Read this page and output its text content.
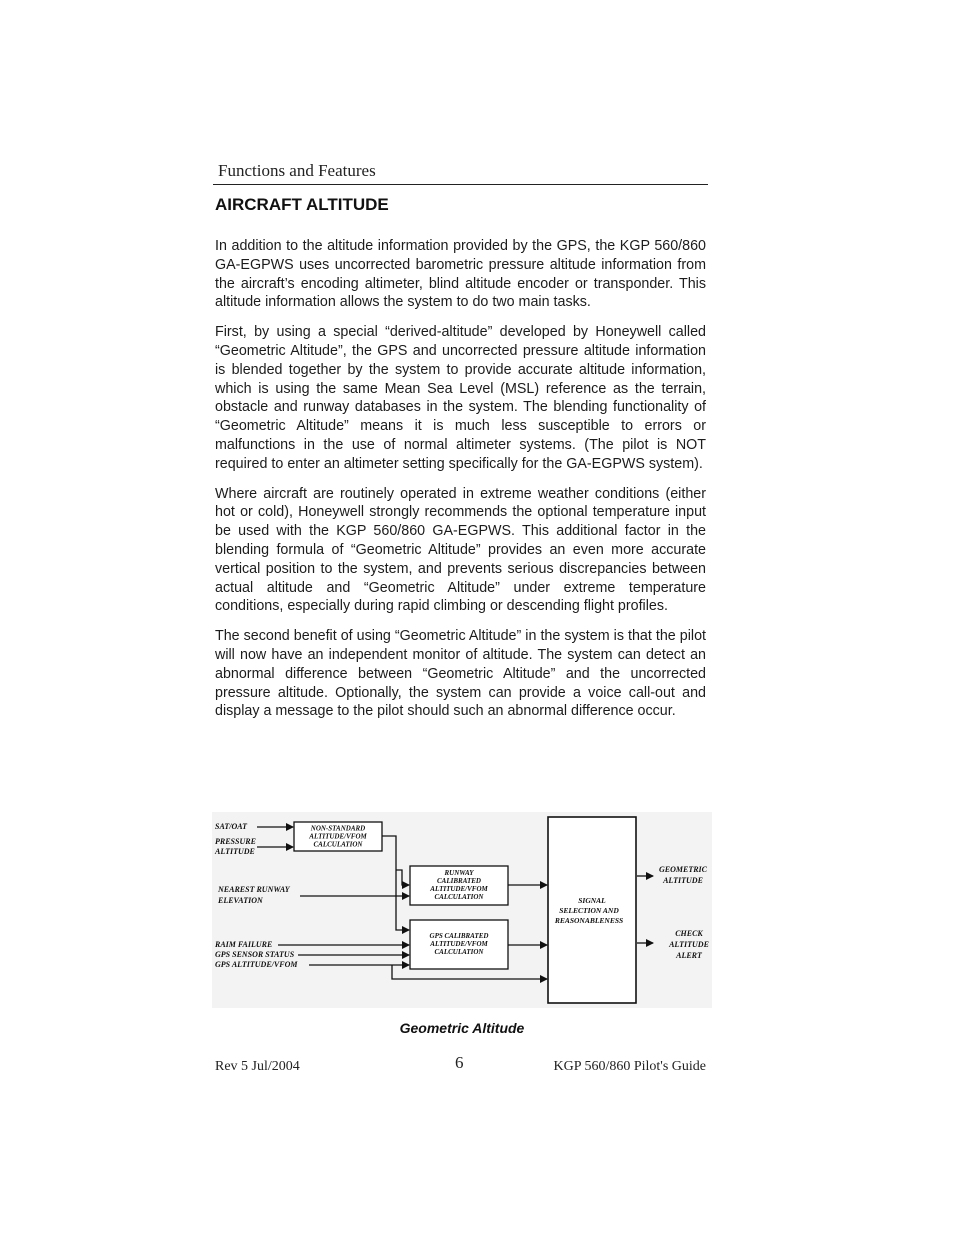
Functions and Features
AIRCRAFT ALTITUDE

In addition to the altitude information provided by the GPS, the KGP 560/860 GA-EGPWS uses uncorrected barometric pressure altitude information from the aircraft’s encoding altimeter, blind altitude encoder or transponder. This altitude information allows the system to do two main tasks.

First, by using a special “derived-altitude” developed by Honeywell called “Geometric Altitude”, the GPS and uncorrected pressure altitude information is blended together by the system to provide accurate altitude information, which is using the same Mean Sea Level (MSL) reference as the terrain, obstacle and runway databases in the system. The blending functionality of “Geometric Altitude” means it is much less susceptible to errors or malfunctions in the use of normal altimeter systems. (The pilot is NOT required to enter an altimeter setting specifically for the GA-EGPWS system).

Where aircraft are routinely operated in extreme weather conditions (either hot or cold), Honeywell strongly recommends the optional temperature input be used with the KGP 560/860 GA-EGPWS. This additional factor in the blending formula of “Geometric Altitude” provides an even more accurate vertical position to the system, and prevents serious discrepancies between actual altitude and “Geometric Altitude” under extreme temperature conditions, especially during rapid climbing or descending flight profiles.

The second benefit of using “Geometric Altitude” in the system is that the pilot will now have an independent monitor of altitude. The system can detect an abnormal difference between “Geometric Altitude” and the uncorrected pressure altitude. Optionally, the system can provide a voice call-out and display a message to the pilot should such an abnormal difference occur.

SAT/OAT
PRESSURE
ALTITUDE
NEAREST RUNWAY
ELEVATION
RAIM FAILURE
GPS SENSOR STATUS
GPS ALTITUDE/VFOM
NON-STANDARD
ALTITUDE/VFOM
CALCULATION
RUNWAY
CALIBRATED
ALTITUDE/VFOM
CALCULATION
GPS CALIBRATED
ALTITUDE/VFOM
CALCULATION
SIGNAL
SELECTION AND
REASONABLENESS
GEOMETRIC
ALTITUDE
CHECK
ALTITUDE
ALERT
Geometric Altitude
Rev 5 Jul/2004	6	KGP 560/860 Pilot's Guide
